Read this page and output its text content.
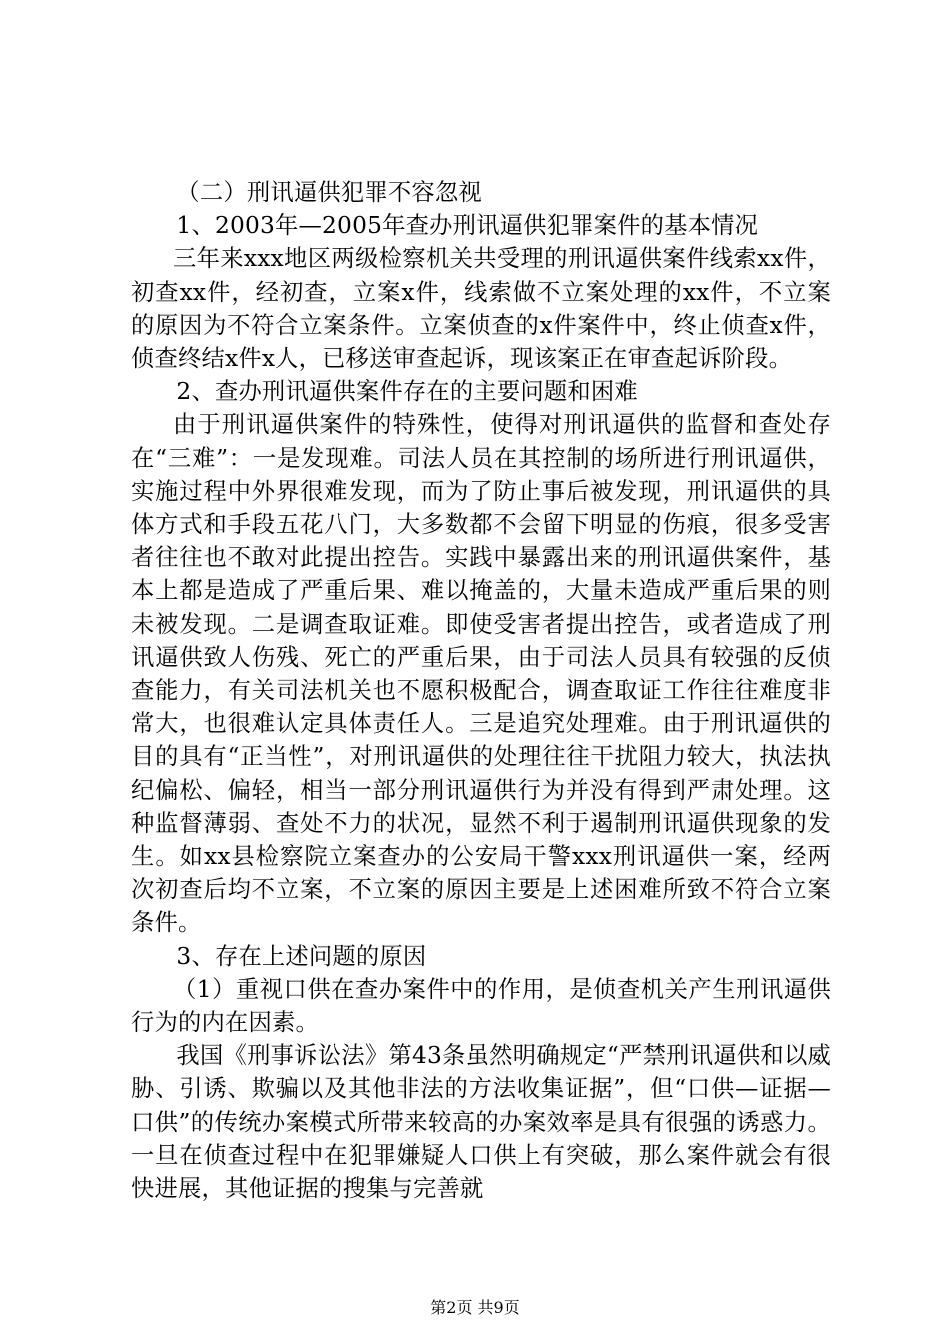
（二）刑讯逼供犯罪不容忽视

1、2003年—2005年查办刑讯逼供犯罪案件的基本情况

三年来xxx地区两级检察机关共受理的刑讯逼供案件线索xx件，初查xx件，经初查，立案x件，线索做不立案处理的xx件，不立案的原因为不符合立案条件。立案侦查的x件案件中，终止侦查x件，侦查终结x件x人，已移送审查起诉，现该案正在审查起诉阶段。

2、查办刑讯逼供案件存在的主要问题和困难

由于刑讯逼供案件的特殊性，使得对刑讯逼供的监督和查处存在“三难”：一是发现难。司法人员在其控制的场所进行刑讯逼供，实施过程中外界很难发现，而为了防止事后被发现，刑讯逼供的具体方式和手段五花八门，大多数都不会留下明显的伤痕，很多受害者往往也不敢对此提出控告。实践中暴露出来的刑讯逼供案件，基本上都是造成了严重后果、难以掩盖的，大量未造成严重后果的则未被发现。二是调查取证难。即使受害者提出控告，或者造成了刑讯逼供致人伤残、死亡的严重后果，由于司法人员具有较强的反侦查能力，有关司法机关也不愿积极配合，调查取证工作往往难度非常大，也很难认定具体责任人。三是追究处理难。由于刑讯逼供的目的具有“正当性”，对刑讯逼供的处理往往干扰阻力较大，执法执纪偏松、偏轻，相当一部分刑讯逼供行为并没有得到严肃处理。这种监督薄弱、查处不力的状况，显然不利于遏制刑讯逼供现象的发生。如xx县检察院立案查办的公安局干警xxx刑讯逼供一案，经两次初查后均不立案，不立案的原因主要是上述困难所致不符合立案条件。

3、存在上述问题的原因

（1）重视口供在查办案件中的作用，是侦查机关产生刑讯逼供行为的内在因素。

我国《刑事诉讼法》第43条虽然明确规定“严禁刑讯逼供和以威胁、引诱、欺骗以及其他非法的方法收集证据”，但“口供—证据—口供”的传统办案模式所带来较高的办案效率是具有很强的诱惑力。一旦在侦查过程中在犯罪嫌疑人口供上有突破，那么案件就会有很快进展，其他证据的搜集与完善就

第2页 共9页
